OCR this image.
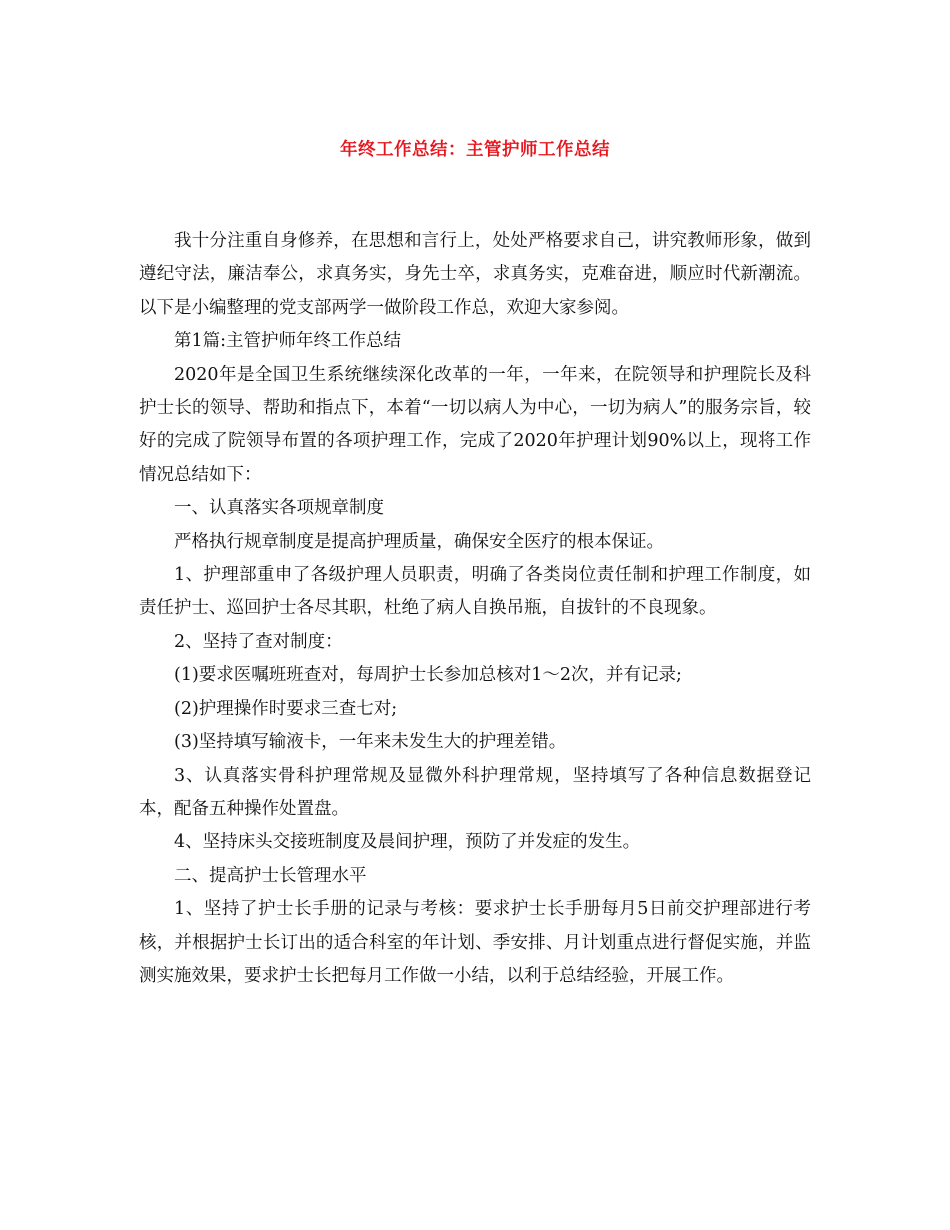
年终工作总结：主管护师工作总结

我十分注重自身修养，在思想和言行上，处处严格要求自己，讲究教师形象，做到遵纪守法，廉洁奉公，求真务实，身先士卒，求真务实，克难奋进，顺应时代新潮流。以下是小编整理的党支部两学一做阶段工作总，欢迎大家参阅。

第1篇:主管护师年终工作总结

2020年是全国卫生系统继续深化改革的一年，一年来，在院领导和护理院长及科护士长的领导、帮助和指点下，本着“一切以病人为中心，一切为病人”的服务宗旨，较好的完成了院领导布置的各项护理工作，完成了2020年护理计划90%以上，现将工作情况总结如下：

一、认真落实各项规章制度

严格执行规章制度是提高护理质量，确保安全医疗的根本保证。

1、护理部重申了各级护理人员职责，明确了各类岗位责任制和护理工作制度，如责任护士、巡回护士各尽其职，杜绝了病人自换吊瓶，自拔针的不良现象。

2、坚持了查对制度：

(1)要求医嘱班班查对，每周护士长参加总核对1～2次，并有记录;

(2)护理操作时要求三查七对;

(3)坚持填写输液卡，一年来未发生大的护理差错。

3、认真落实骨科护理常规及显微外科护理常规，坚持填写了各种信息数据登记本，配备五种操作处置盘。

4、坚持床头交接班制度及晨间护理，预防了并发症的发生。

二、提高护士长管理水平

1、坚持了护士长手册的记录与考核：要求护士长手册每月5日前交护理部进行考核，并根据护士长订出的适合科室的年计划、季安排、月计划重点进行督促实施，并监测实施效果，要求护士长把每月工作做一小结，以利于总结经验，开展工作。
